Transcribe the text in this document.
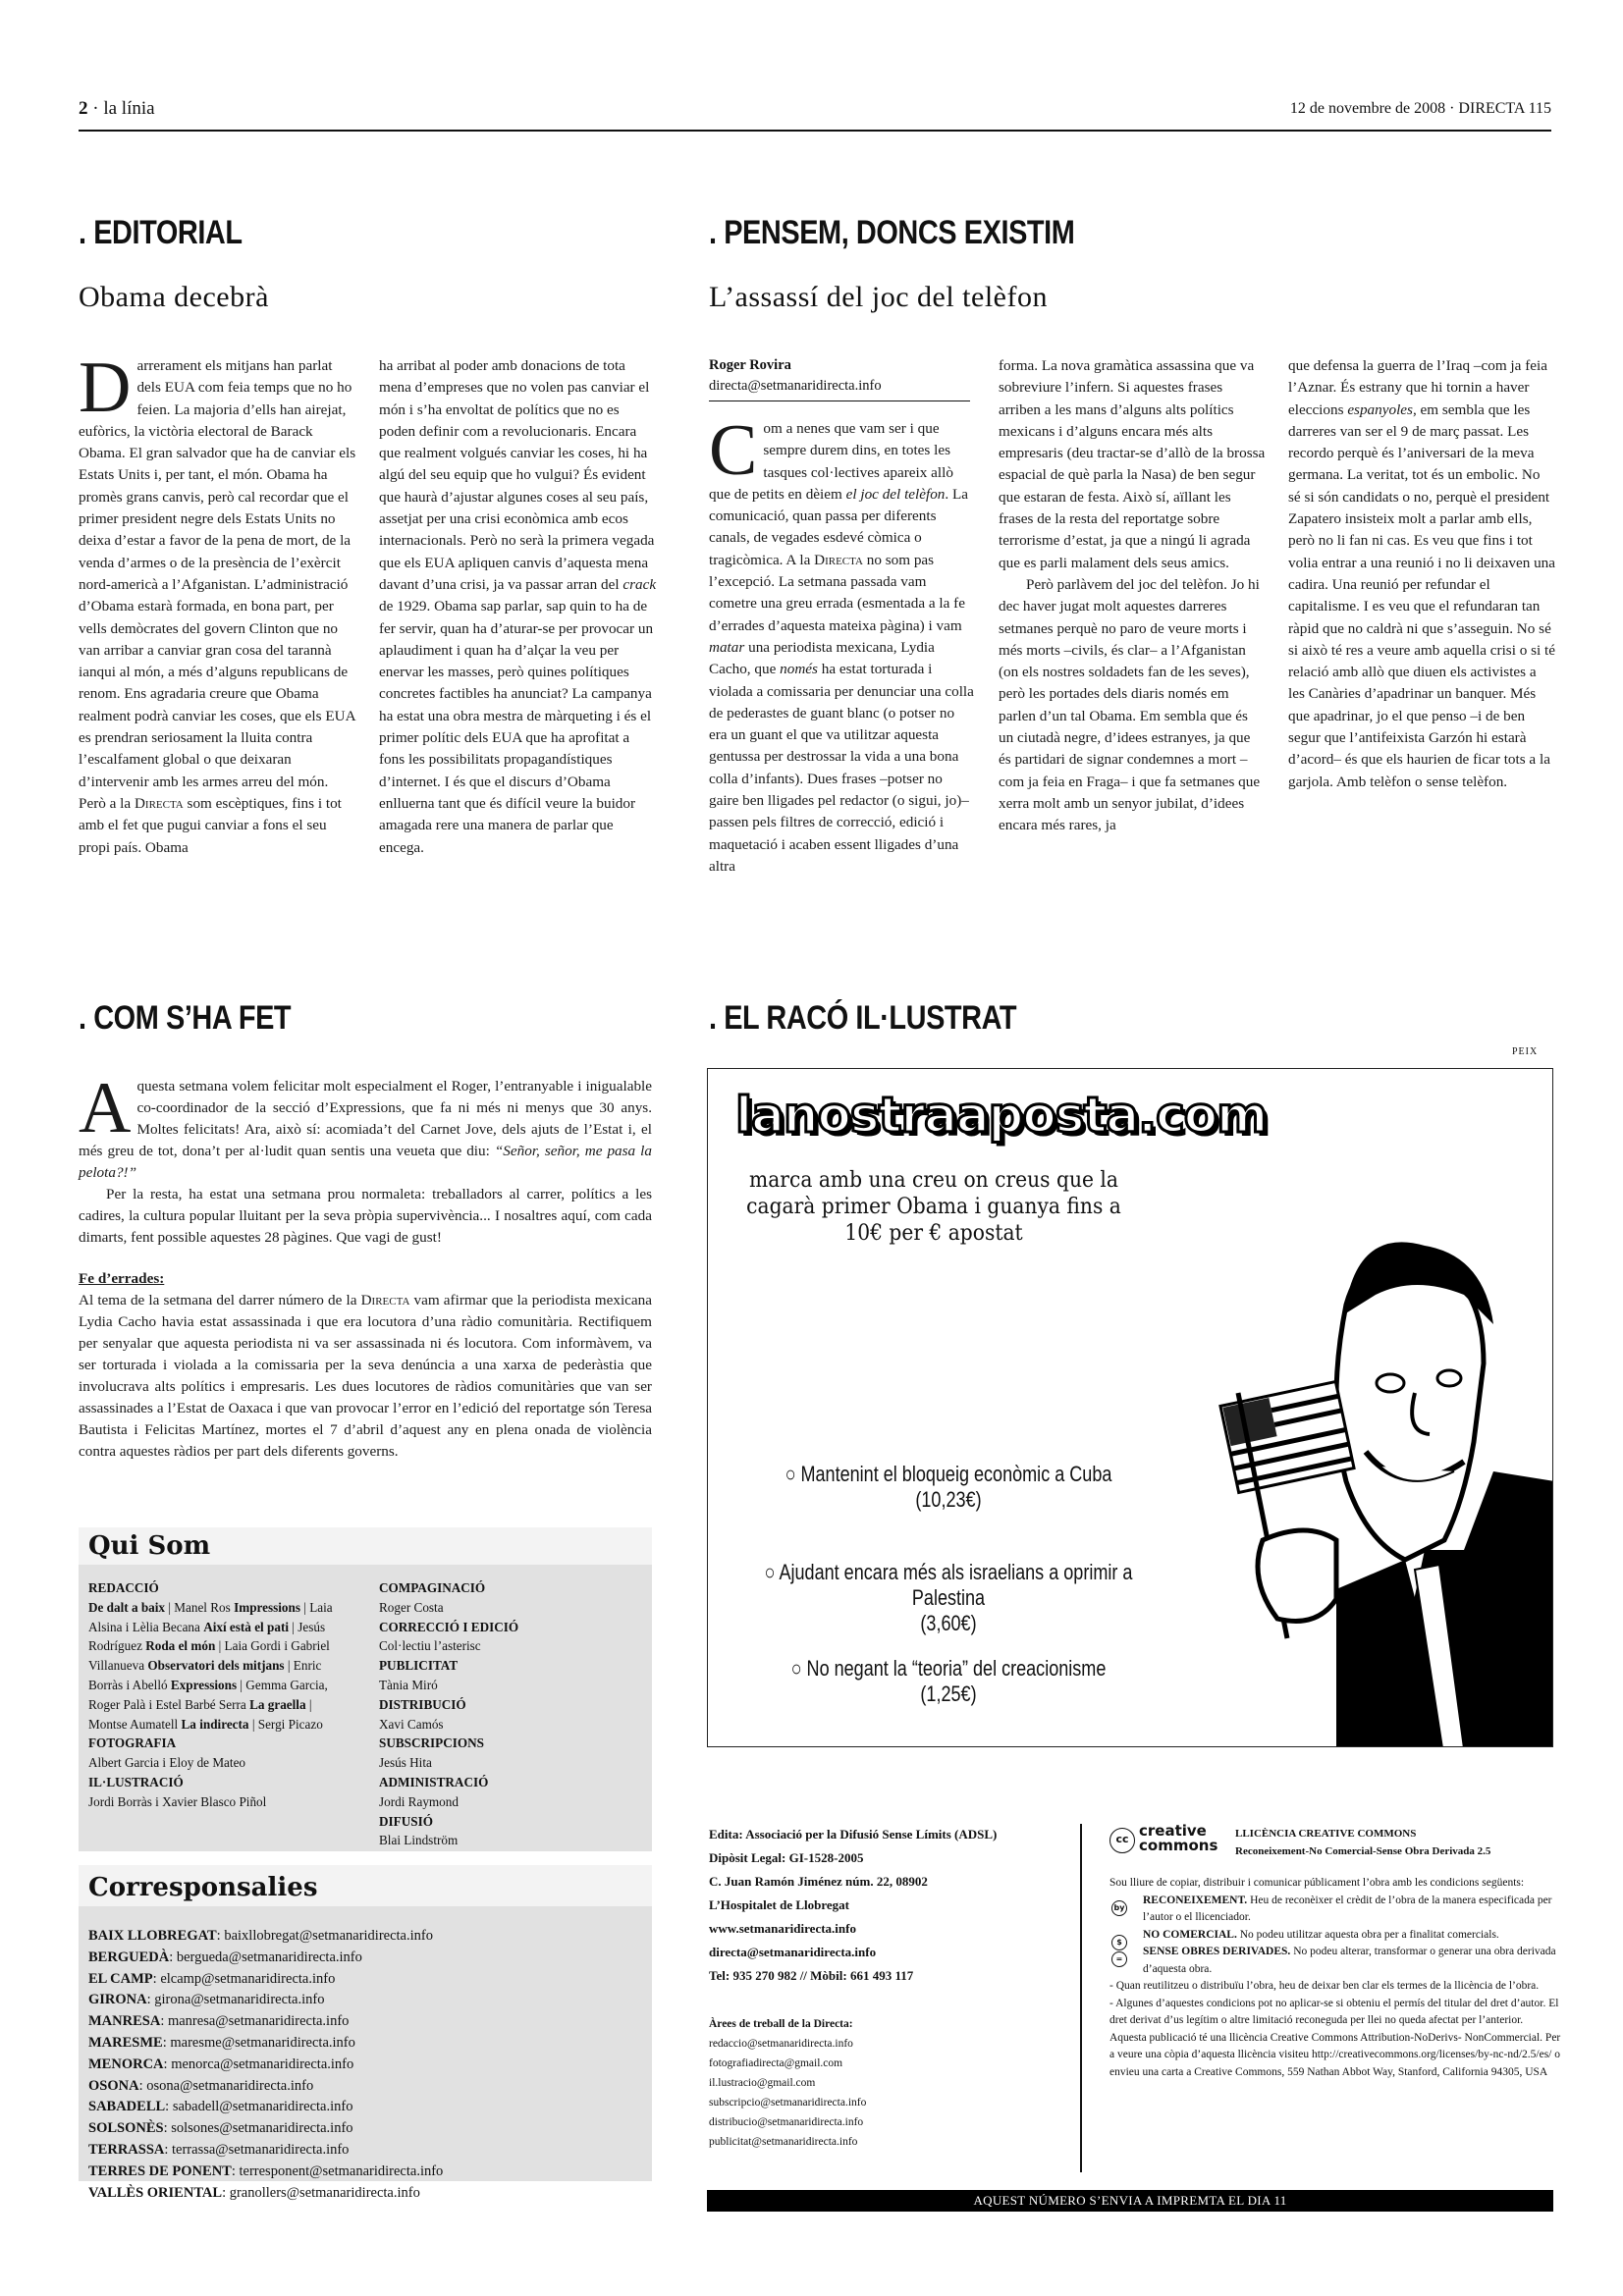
2 · la línia	12 de novembre de 2008 · DIRECTA 115
. EDITORIAL
Obama decebrà
Darrerament els mitjans han parlat dels EUA com feia temps que no ho feien. La majoria d’ells han airejat, eufòrics, la victòria electoral de Barack Obama. El gran salvador que ha de canviar els Estats Units i, per tant, el món. Obama ha promès grans canvis, però cal recordar que el primer president negre dels Estats Units no deixa d’estar a favor de la pena de mort, de la venda d’armes o de la presència de l’exèrcit nord-americà a l’Afganistan. L’administració d’Obama estarà formada, en bona part, per vells demòcrates del govern Clinton que no van arribar a canviar gran cosa del tarannà ianqui al món, a més d’alguns republicans de renom. Ens agradaria creure que Obama realment podrà canviar les coses, que els EUA es prendran seriosament la lluita contra l’escalfament global o que deixaran d’intervenir amb les armes arreu del món. Però a la Directa som escèptiques, fins i tot amb el fet que pugui canviar a fons el seu propi país. Obama
ha arribat al poder amb donacions de tota mena d’empreses que no volen pas canviar el món i s’ha envoltat de polítics que no es poden definir com a revolucionaris. Encara que realment volgués canviar les coses, hi ha algú del seu equip que ho vulgui? És evident que haurà d’ajustar algunes coses al seu país, assetjat per una crisi econòmica amb ecos internacionals. Però no serà la primera vegada que els EUA apliquen canvis d’aquesta mena davant d’una crisi, ja va passar arran del crack de 1929. Obama sap parlar, sap quin to ha de fer servir, quan ha d’aturar-se per provocar un aplaudiment i quan ha d’alçar la veu per enervar les masses, però quines polítiques concretes factibles ha anunciat? La campanya ha estat una obra mestra de màrqueting i és el primer polític dels EUA que ha aprofitat a fons les possibilitats propagandístiques d’internet. I és que el discurs d’Obama enlluerna tant que és difícil veure la buidor amagada rere una manera de parlar que encega.
. PENSEM, DONCS EXISTIM
L’assassí del joc del telèfon
Roger Rovira
directa@setmanaridirecta.info
Com a nenes que vam ser i que sempre durem dins, en totes les tasques col·lectives apareix allò que de petits en dèiem el joc del telèfon. La comunicació, quan passa per diferents canals, de vegades esdevé còmica o tragicòmica. A la Directa no som pas l’excepció. La setmana passada vam cometre una greu errada (esmentada a la fe d’errades d’aquesta mateixa pàgina) i vam matar una periodista mexicana, Lydia Cacho, que només ha estat torturada i violada a comissaria per denunciar una colla de pederastes de guant blanc (o potser no era un guant el que va utilitzar aquesta gentussa per destrossar la vida a una bona colla d’infants). Dues frases –potser no gaire ben lligades pel redactor (o sigui, jo)– passen pels filtres de correcció, edició i maquetació i acaben essent lligades d’una altra

forma. La nova gramàtica assassina que va sobreviure l’infern. Si aquestes frases arriben a les mans d’alguns alts polítics mexicans i d’alguns encara més alts empresaris (deu tractar-se d’allò de la brossa espacial de què parla la Nasa) de ben segur que estaran de festa. Això sí, aïllant les frases de la resta del reportatge sobre terrorisme d’estat, ja que a ningú li agrada que es parli malament dels seus amics.

Però parlàvem del joc del telèfon. Jo hi dec haver jugat molt aquestes darreres setmanes perquè no paro de veure morts i més morts –civils, és clar– a l’Afganistan (on els nostres soldadets fan de les seves), però les portades dels diaris només em parlen d’un tal Obama. Em sembla que és un ciutadà negre, d’idees estranyes, ja que és partidari de signar condemnes a mort –com ja feia en Fraga– i que fa setmanes que xerra molt amb un senyor jubilat, d’idees encara més rares, ja

que defensa la guerra de l’Iraq –com ja feia l’Aznar. És estrany que hi tornin a haver eleccions espanyoles, em sembla que les darreres van ser el 9 de març passat. Les recordo perquè és l’aniversari de la meva germana. La veritat, tot és un embolic. No sé si són candidats o no, perquè el president Zapatero insisteix molt a parlar amb ells, però no li fan ni cas. Es veu que fins i tot volia entrar a una reunió i no li deixaven una cadira. Una reunió per refundar el capitalisme. I es veu que el refundaran tan ràpid que no caldrà ni que s’asseguin. No sé si això té res a veure amb aquella crisi o si té relació amb allò que diuen els activistes a les Canàries d’apadrinar un banquer. Més que apadrinar, jo el que penso –i de ben segur que l’antifeixista Garzón hi estarà d’acord– és que els haurien de ficar tots a la garjola. Amb telèfon o sense telèfon.
. COM S’HA FET

Aquesta setmana volem felicitar molt especialment el Roger, l’entranyable i inigualable co-coordinador de la secció d’Expressions, que fa ni més ni menys que 30 anys. Moltes felicitats! Ara, això sí: acomiada’t del Carnet Jove, dels ajuts de l’Estat i, el més greu de tot, dona’t per al·ludit quan sentis una veueta que diu: “Señor, señor, me pasa la pelota?!”

Per la resta, ha estat una setmana prou normaleta: treballadors al carrer, polítics a les cadires, la cultura popular lluitant per la seva pròpia supervivència... I nosaltres aquí, com cada dimarts, fent possible aquestes 28 pàgines. Que vagi de gust!

Fe d’errades:

Al tema de la setmana del darrer número de la Directa vam afirmar que la periodista mexicana Lydia Cacho havia estat assassinada i que era locutora d’una ràdio comunitària. Rectifiquem per senyalar que aquesta periodista ni va ser assassinada ni és locutora. Com informàvem, va ser torturada i violada a la comissaria per la seva denúncia a una xarxa de pederàstia que involucrava alts polítics i empresaris. Les dues locutores de ràdios comunitàries que van ser assassinades a l’Estat de Oaxaca i que van provocar l’error en l’edició del reportatge són Teresa Bautista i Felicitas Martínez, mortes el 7 d’abril d’aquest any en plena onada de violència contra aquestes ràdios per part dels diferents governs.

Qui Som
REDACCIÓ
De dalt a baix | Manel Ros Impressions | Laia Alsina i Lèlia Becana Així està el pati | Jesús Rodríguez Roda el món | Laia Gordi i Gabriel Villanueva Observatori dels mitjans | Enric Borràs i Abelló Expressions | Gemma Garcia, Roger Palà i Estel Barbé Serra La graella | Montse Aumatell La indirecta | Sergi Picazo
FOTOGRAFIA
Albert Garcia i Eloy de Mateo
IL·LUSTRACIÓ
Jordi Borràs i Xavier Blasco Piñol
COMPAGINACIÓ
Roger Costa
CORRECCIÓ I EDICIÓ
Col·lectiu l’asterisc
PUBLICITAT
Tània Miró
DISTRIBUCIÓ
Xavi Camós
SUBSCRIPCIONS
Jesús Hita
ADMINISTRACIÓ
Jordi Raymond
DIFUSIÓ
Blai Lindström
Corresponsalies
BAIX LLOBREGAT: baixllobregat@setmanaridirecta.info
BERGUEDÀ: bergueda@setmanaridirecta.info
EL CAMP: elcamp@setmanaridirecta.info
GIRONA: girona@setmanaridirecta.info
MANRESA: manresa@setmanaridirecta.info
MARESME: maresme@setmanaridirecta.info
MENORCA: menorca@setmanaridirecta.info
OSONA: osona@setmanaridirecta.info
SABADELL: sabadell@setmanaridirecta.info
SOLSONÈS: solsones@setmanaridirecta.info
TERRASSA: terrassa@setmanaridirecta.info
TERRES DE PONENT: terresponent@setmanaridirecta.info
VALLÈS ORIENTAL: granollers@setmanaridirecta.info
. EL RACÓ IL·LUSTRAT
PEIX
lanostraaposta.com
marca amb una creu on creus que la cagarà primer Obama i guanya fins a 10€ per € apostat
○ Mantenint el bloqueig econòmic a Cuba
(10,23€)
○ Ajudant encara més als israelians a oprimir a Palestina
(3,60€)
○ No negant la “teoria” del creacionisme
(1,25€)
Edita: Associació per la Difusió Sense Límits (ADSL)
Dipòsit Legal: GI-1528-2005
C. Juan Ramón Jiménez núm. 22, 08902
L’Hospitalet de Llobregat
www.setmanaridirecta.info
directa@setmanaridirecta.info
Tel: 935 270 982 // Mòbil: 661 493 117
Àrees de treball de la Directa:
redaccio@setmanaridirecta.info
fotografiadirecta@gmail.com
il.lustracio@gmail.com
subscripcio@setmanaridirecta.info
distribucio@setmanaridirecta.info
publicitat@setmanaridirecta.info
cc creative
commons
LLICÈNCIA CREATIVE COMMONS
Reconeixement-No Comercial-Sense Obra Derivada 2.5
Sou lliure de copiar, distribuir i comunicar públicament l’obra amb les condicions següents:
by
RECONEIXEMENT. Heu de reconèixer el crèdit de l’obra de la manera especificada per l’autor o el llicenciador.
$
NO COMERCIAL. No podeu utilitzar aquesta obra per a finalitat comercials.
=
SENSE OBRES DERIVADES. No podeu alterar, transformar o generar una obra derivada d’aquesta obra.
- Quan reutilitzeu o distribuïu l’obra, heu de deixar ben clar els termes de la llicència de l’obra.
- Algunes d’aquestes condicions pot no aplicar-se si obteniu el permís del titular del dret d’autor. El dret derivat d’us legítim o altre limitació reconeguda per llei no queda afectat per l’anterior.
Aquesta publicació té una llicència Creative Commons Attribution-NoDerivs- NonCommercial. Per a veure una còpia d’aquesta llicència visiteu http://creativecommons.org/licenses/by-nc-nd/2.5/es/ o envieu una carta a Creative Commons, 559 Nathan Abbot Way, Stanford, California 94305, USA
AQUEST NÚMERO S’ENVIA A IMPREMTA EL DIA 11
